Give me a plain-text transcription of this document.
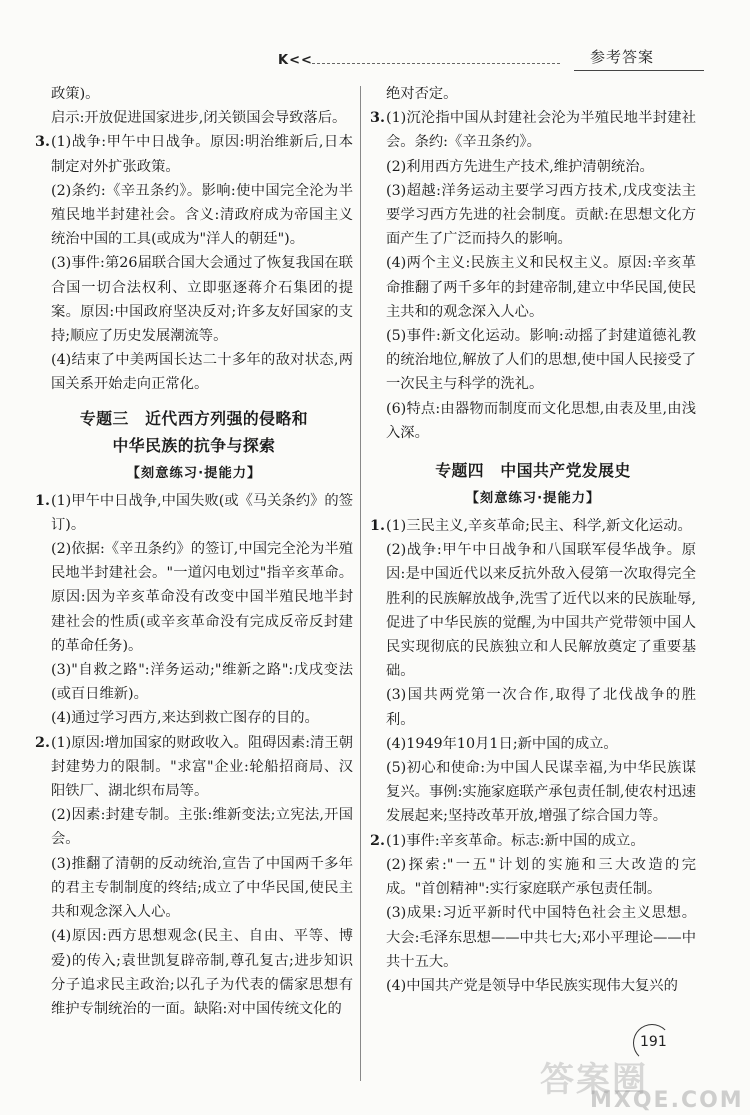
K<<	参考答案

政策)。

启示:开放促进国家进步,闭关锁国会导致落后。

3.(1)战争:甲午中日战争。原因:明治维新后,日本制定对外扩张政策。

(2)条约:《辛丑条约》。影响:使中国完全沦为半殖民地半封建社会。含义:清政府成为帝国主义统治中国的工具(或成为"洋人的朝廷")。

(3)事件:第26届联合国大会通过了恢复我国在联合国一切合法权利、立即驱逐蒋介石集团的提案。原因:中国政府坚决反对;许多友好国家的支持;顺应了历史发展潮流等。

(4)结束了中美两国长达二十多年的敌对状态,两国关系开始走向正常化。

专题三　近代西方列强的侵略和
中华民族的抗争与探索
【刻意练习·提能力】

1.(1)甲午中日战争,中国失败(或《马关条约》的签订)。

(2)依据:《辛丑条约》的签订,中国完全沦为半殖民地半封建社会。"一道闪电划过"指辛亥革命。原因:因为辛亥革命没有改变中国半殖民地半封建社会的性质(或辛亥革命没有完成反帝反封建的革命任务)。

(3)"自救之路":洋务运动;"维新之路":戊戌变法(或百日维新)。

(4)通过学习西方,来达到救亡图存的目的。

2.(1)原因:增加国家的财政收入。阻碍因素:清王朝封建势力的限制。"求富"企业:轮船招商局、汉阳铁厂、湖北织布局等。

(2)因素:封建专制。主张:维新变法;立宪法,开国会。

(3)推翻了清朝的反动统治,宣告了中国两千多年的君主专制制度的终结;成立了中华民国,使民主共和观念深入人心。

(4)原因:西方思想观念(民主、自由、平等、博爱)的传入;袁世凯复辟帝制,尊孔复古;进步知识分子追求民主政治;以孔子为代表的儒家思想有维护专制统治的一面。缺陷:对中国传统文化的

绝对否定。

3.(1)沉沦指中国从封建社会沦为半殖民地半封建社会。条约:《辛丑条约》。

(2)利用西方先进生产技术,维护清朝统治。

(3)超越:洋务运动主要学习西方技术,戊戌变法主要学习西方先进的社会制度。贡献:在思想文化方面产生了广泛而持久的影响。

(4)两个主义:民族主义和民权主义。原因:辛亥革命推翻了两千多年的封建帝制,建立中华民国,使民主共和的观念深入人心。

(5)事件:新文化运动。影响:动摇了封建道德礼教的统治地位,解放了人们的思想,使中国人民接受了一次民主与科学的洗礼。

(6)特点:由器物而制度而文化思想,由表及里,由浅入深。

专题四　中国共产党发展史
【刻意练习·提能力】

1.(1)三民主义,辛亥革命;民主、科学,新文化运动。

(2)战争:甲午中日战争和八国联军侵华战争。原因:是中国近代以来反抗外敌入侵第一次取得完全胜利的民族解放战争,洗雪了近代以来的民族耻辱,促进了中华民族的觉醒,为中国共产党带领中国人民实现彻底的民族独立和人民解放奠定了重要基础。

(3)国共两党第一次合作,取得了北伐战争的胜利。

(4)1949年10月1日;新中国的成立。

(5)初心和使命:为中国人民谋幸福,为中华民族谋复兴。事例:实施家庭联产承包责任制,使农村迅速发展起来;坚持改革开放,增强了综合国力等。

2.(1)事件:辛亥革命。标志:新中国的成立。

(2)探索:"一五"计划的实施和三大改造的完成。"首创精神":实行家庭联产承包责任制。

(3)成果:习近平新时代中国特色社会主义思想。大会:毛泽东思想——中共七大;邓小平理论——中共十五大。

(4)中国共产党是领导中华民族实现伟大复兴的

191
答案圈
MXQE.COM
